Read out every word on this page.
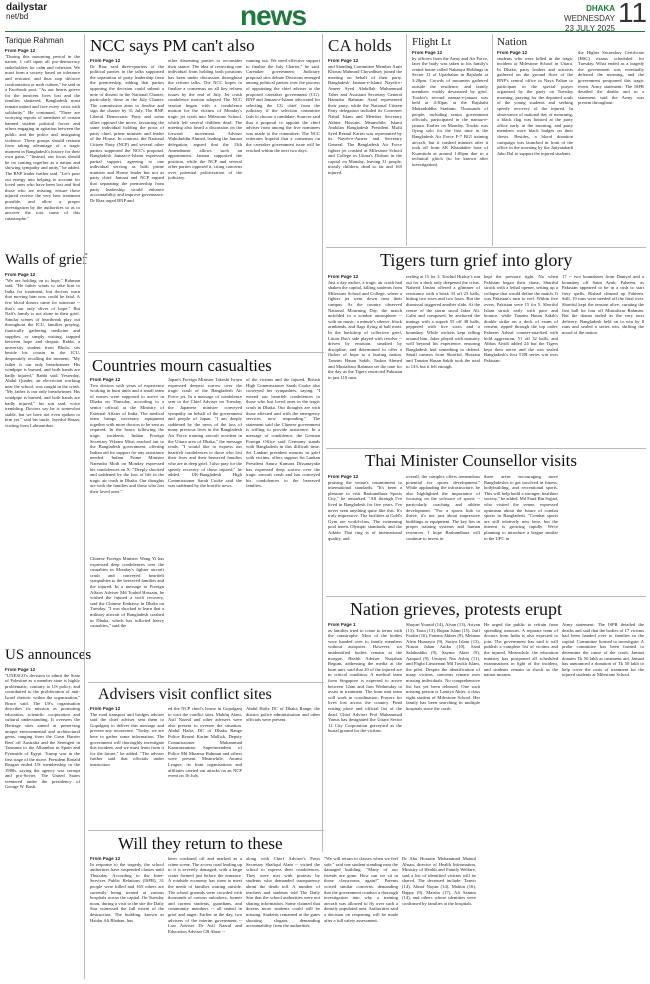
dailystar
net/bd	news	DHAKA WEDNESDAY
23 JULY 2025
11
Tarique Rahman
From Page 12

"During this mourning period in the nation, I call upon all pro-democracy stakeholders for calm and cohesion. We must form a society based on tolerance and restraint, and thus stop divisive confrontation or mob culture," he said in a Facebook post. "As our hearts grieve for the innocent lives lost and the families shattered, Bangladesh must remain united and face every crisis with solidarity." He continued, "There are worrying reports of members of certain banned student political forces and others engaging in agitation between the public and the police and instigating violence. These groups should restrain from taking advantage of a tragic moment in Bangladesh's history for their own gains." "Instead, our focus should be on coming together as a nation and showing sympathy and unity," he added. The BNP leader further said, "Let's pour our energy into helping to account for loved ones who have been lost and find those who are missing, ensure those injured receive the very best treatment possible, and allow a proper investigation by the authorities so as to uncover the root cause of this catastrophe."

Walls of grief
From Page 12

"We are holding on to hope," Rahman said. "He father wants to take him to India for treatment, but doctors warn that moving him now could be fatal. A few blood donors came for someone -- that's our only sliver of hope." But Nafi's family is not alone in their grief. Similar scenes of heartbreak play out throughout the ICU, families praying, frantically gathering medicine and supplies, or simply waiting, trapped between hope and despair. Rabbi, a university student from Bhola, sits beside his cousin in the ICU, desperately recalling the moment, "My father is our only breadwinner. His windpipe is burned, and both hands are badly injured," Rabbi said. Yesterday, Abdul Quader, an electrician working near the school, was caught in the crash. "My father is our only breadwinner. His windpipe is burned, and both hands are badly injured," his son said, voice trembling. Doctors say he is somewhat stable, but we have not even spoken to him yet." said his uncle, Jayedul Hasan, visiting from Lalmonirhat.

US announces
From Page 12

"UNESCO's decision to admit the State of Palestine as a member state is highly problematic, contrary to US policy, and contributed to the proliferation of anti-Israel rhetoric within the organization," Bruce said. The US's organisation describes its mission as promoting education, scientific cooperation and cultural understanding. It oversees the Heritage sites aimed at preserving unique environmental and architectural gems, ranging from the Great Barrier Reef off Australia and the Serengeti in Tanzania to the Alhambra in Spain and Pyramids of Egypt. Trump was in the first stage of the move. President Ronald Reagan ended US membership in the 1980s, saying the agency was corrupt and pro-Soviet. The United States reentered under the presidency of George W. Bush.

NCC says PM can't also
From Page 12

Dr Riaz said three-quarters of the political parties in the talks supported the separation of party leadership from the premiership, adding that parties opposing the decision could submit a note of dissent in the National Charter, particularly those in the July Charter. The commission aims to finalise and sign the charter by 31 July. The BNP, Liberal Democratic Party and some allies opposed the move, favouring the same individual holding the posts of party chief, prime minister and leader of the House. In contrast, the National Citizen Party (NCP) and several other parties supported the NCC's proposal. Bangladesh Jamaat-e-Islami expressed partial support, agreeing to one individual serving as both prime minister and House leader but not as party chief. Jamaat and NCP argued that separating the premiership from party leadership would enhance accountability and improve governance. Dr Riaz urged BNP and

other dissenting parties to reconsider their stance. The idea of restricting one individual from holding both positions has been under discussion throughout the reform talks. The NCC hopes to finalise a consensus on all key reform issues by the end of July. Jet crash condolence motion adopted The NCC session began with a condolence motion for the victims of Monday's tragic jet crash into Milestone School, which left several children dead. The meeting also heard a discussion on the forward movement. Adviser Wahiduddin Ahmed, leading the Jamaat delegation, argued that the 13th Amendment allows such an appointment. Jamaat supported the position, while the NCP and several other parties opposed it, citing concerns over potential politicisation of the judiciary.

running out. We need effective support to finalise the July Charter," he said. Caretaker government: Judiciary proposal stirs debate Divisions emerged among political parties over the process of appointing the chief adviser to the proposed caretaker government (CG). BNP and Jamaat-e-Islami advocated for selecting the CG chief from the judiciary if the selection committee fails to choose a candidate. Sources said that a proposal to appoint the chief adviser from among the five nominees was made to the committee. The NCC reiterates hopeful that a consensus on the caretaker government issue will be reached within the next two days.

Countries mourn casualties
From Page 12

Two doctors with years of experience working in burn units and a small team of nurses were supposed to arrive in Dhaka on Thursday, according to a senior official at the Ministry of External Affairs of India. The medical team brings necessary equipment together with more doctors to be sent as required. In the hours following the tragic incidents, Indian Foreign Secretary Vikram Misri reached out to the Bangladesh government, offering Indian aid for support for any assistance needed. Indian Prime Minister Narendra Modi on Monday expressed his condolences on X: "Deeply shocked and saddened by the loss of life in the tragic air crash in Dhaka. Our thoughts are with the families and those who lost their loved ones."

Japan's Foreign Minister Takeshi Iwaya expressed deepest sorrow over the tragic crash of the Bangladesh Air Force jet. In a message of condolence sent to the Chief Adviser on Tuesday, the Japanese minister conveyed sympathy on behalf of the government and people of Japan. "I am deeply saddened by the news of the loss of many precious lives in the Bangladesh Air Force training aircraft accident in the Uttara area of Dhaka," the message reads. "I would like to express our heartfelt condolences to those who lost their lives and their bereaved families who are in deep grief. I also pray for the speedy recovery of those injured," he added. UK-Bangladesh High Commissioner Sarah Cooke said she was saddened by the horrific news.

of the victims and the injured. British High Commissioner Sarah Cooke also conveyed her sympathies, saying: "I extend our heartfelt condolences to those who lost loved ones in the tragic crash in Dhaka. Our thoughts are with those affected and with the emergency services now responding." The statement said the Chinese government is willing to provide assistance. In a message of condolence, the German Foreign Office said Germany stands with Bangladesh in this difficult time. Sri Lankan president mourns in grief with victims, offers support Sri Lankan President Anura Kumara Dissanayake has expressed deep sorrow over the tragic aircraft crash and has conveyed his condolences to the bereaved families.

Chinese Foreign Minister Wang Yi has expressed deep condolences over the casualties in Monday's fighter aircraft crash and conveyed heartfelt sympathies to the bereaved families and the injured. In a message to Foreign Affairs Adviser Md Touhid Hossain, he wished the injured a swift recovery, said the Chinese Embassy in Dhaka on Tuesday. "I was shocked to learn that a military aircraft of Bangladesh crashed in Dhaka, which has inflicted heavy casualties," said the

Advisers visit conflict sites
From Page 12

The road transport and bridges adviser said the chief adviser sent them to Gopalganj to deliver this message and prevent any recurrence. "Today, we are here to gather some information. The government will thoroughly investigate this incident, and we must learn from it for the future," he added. "The adviser further said that officials under instruction

ed the NCP chief's house in Gopalganj to visit the conflict sites. Mahfuj Alam, Asif Nazrul and other advisers were also present to oversee the situation. Abdul Hafiz, DC of Dhaka Range Police Reazul Karim Mallick, Deputy Commissioner Muhammad Kamruzzaman, Superintendent of Police Md Mizanur Rahman and others were present. Meanwhile, Awami League, its front organisations and affiliates carried out attacks on an NCP event on 16 July.

Abdul Hafiz DC of Dhaka Range, the district police administration and other officials were present.

Will they return to these
From Page 12

In response to the tragedy, the school authorities have suspended classes until Thursday. According to the Inter-Services Public Relations (ISPR), 31 people were killed and 165 others are currently being treated at various hospitals across the capital. On Tuesday noon, during a visit to the site the Daily Star witnessed the full extent of the destruction. The building, known as Haidar Ali Bhaban, has

been cordoned off and marked as a crime scene. The access road leading up to it is severely damaged, with a large crater formed just before the entrance. A roadside economy has risen to meet the needs of families waiting outside. The school grounds were crowded with thousands of curious onlookers, former and current students, guardians, and community members -- all united in grief and anger. Earlier in the day, two advisers of the interim government -- Law Adviser Dr Asif Nazrul and Education Adviser CR Abrar --

along with Chief Adviser's Press Secretary Shafiqul Alam -- visited the school to express their condolences. They were met with protests by students who demanded transparency about the death toll. A number of teachers and students told The Daily Star that the school authorities were not sharing information. Some claimed that dozens more students could still be missing. Students remained at the gates shouting slogans demanding accountability from the authorities.

"We will return to classes when we feel safe," said one student standing near the damaged building. "Many of our friends are gone. How can we sit in those classrooms again?" Parents voiced similar concerns, demanding that the government conduct a thorough investigation into why a training aircraft was allowed to fly over such a densely populated area. Authorities said a decision on reopening will be made after a full safety assessment.

Dr Abu Hossain Mohammad Mainul Ahsan, director of Health Information, Ministry of Health and Family Welfare, said a list of identified victims will be shared. The deceased include: Tanvir (14), Ahnaf Nayan (14), Mahtin (16), Bappy (9), Maisha (17), Afi Samim (14), and others whose identities were confirmed by families at the hospitals.

CA holds
From Page 12

and Standing Committee Member Amir Khosru Mahmud Chowdhury joined the meeting on behalf of their party. Bangladesh Jamaat-e-Islami Nayeb-e-Ameer Syed Abdullah Muhammad Taher and Assistant Secretary General Hamidur Rahman Azad represented their party, while the National Citizen Party delegation included its Convener Nahid Islam and Member Secretary Akhter Hossain. Meanwhile, Islami Andolan Bangladesh President Mufti Syed Rezaul Karim was represented by its Nayeb-e-Ameer and Secretary General. The Bangladesh Air Force fighter jet crashed at Milestone School and College in Uttara's Diabari in the capital on Monday, leaving 31 people, mostly children, dead so far and 165 injured.

Flight Lt
From Page 12

by officers from the Army and Air Force, later the body was taken to his family's rented house called Nabanya Holdings in Sector 11 of Uparbahar in Rajshahi at 3:20pm. Crowds of mourners gathered outside the residence, and family members visibly devastated by grief. Towkir's second namaz-e-janaza was held at 4:30pm at the Rajshahi Muktadiddha Stadium. Thousands of people, including senior government officials, participated in the namaz-e-janaza. Earlier on Monday, Towkir was flying solo for the first time in the Bangladesh Air Force F-7 BGI training aircraft, but it crashed minutes after it took off from AK Khandaker base of Kurmitola at around 1:06pm due to a technical glitch (to be known after investigation).

Nation
From Page 12

students who were killed in the tragic incident at Milestone School in Uttara. In Dhaka, party leaders and activists gathered on the ground floor of the BNP's central office in Naya Paltan to participate in the special prayer organised by the party on Tuesday morning, praying for the departed souls of the young students and seeking speedy recovery of the injured. In observance of national day of mourning, a black flag was hoisted at the party office early in the morning, and party members wore black badges on their chests. Besides, a blood donation campaign was launched in front of the office in the morning by the Jatiyatabadi Jubo Dal to support the injured students.

the Higher Secondary Certificate (HSC) exams scheduled for Tuesday. What ended as a tragedy the government was eventually deferred the morning, and the government postponed this tragic event. Army statement: The ISPR detailed the deaths and in a statement said the Army was present throughout.

Tigers turn grief into glory
From Page 12

Just a day earlier, a tragic air crash had shaken the capital, killing students from Milestone School and College, where a fighter jet went down near their campus. As the country observed National Mourning Day, the match unfolded in a sombre atmosphere -- with no music, a minute's silence, black armbands, and flags flying at half mast. In the backdrop of collective grief, Litton Das's side played with resolve -- driven by emotion, steadied by discipline, and determined to offer a flicker of hope to a hurting nation. Tanzim Hasan Sakib, Taskin Ahmed and Mustafizur Rahman set the tone for the day as the Tigers restricted Pakistan to just 110 runs.

reeling at 15 for 3. Towhid Hridoy's run out for a duck only deepened the crisis. Naheed Umam offered a glimmer of resistance with a brisk 33 off 23 balls, hitting two sixes and two fours. But the dismissal triggered another slide. At the centre of the storm stood Jaker Ali. Calm and composed, he anchored the innings with a superb 55 off 48 balls, peppered with five sixes and a boundary. While wickets kept falling around him, Jaker played with maturity well beyond his experience, ensuring Bangladesh had something to defend. Small cameos from Shoriful, Hossain and Tanzim Hasan Sakib took the total to 133, but it felt enough.

kept the pressure tight. No when Pakistan began their chase, Shariful struck with a lethal opener, setting up a collapse that would define the match. It was Pakistan's turn to reel. Within five overs, Pakistan were 15 for 5. Shoriful Islam struck early with pace and bounce, while Tanzim Hasan Sakib's double strike on a deck of exam of cement, ripped through the top order. Faheem Ashraf counter-attacked with bold aggression, 51 off 32 balls, and Abbas Afridi added 24 but the Tigers kept their nerve and the win sealed Bangladesh's first T20I series win over Pakistan.

17 -- two boundaries from Daniyal and a boundary off Saim Ayub. Faheem, as Pakistan appeared to be in a rush to start fiery spells, Rishad cleaned up Faheem. Still, 19 runs were needed off the final over. Shariful kept the tension alive, curating the first ball for four off Mustafizur Rahman. But the drama ended as the very next delivery. Bangladesh held on to win by 8 runs and sealed a series win, shifting the mood of the nation.

Thai Minister Counsellor visits
From Page 12

praising the venue's commitment to international standards. "It's been a pleasure to visit Bashundhara Sports City," he remarked. "All through I've lived in Bangladesh for five years. I've never seen anything quite like this. It's truly impressive. The facilities at Gold's Gym are world-class. The swimming pool meets Olympic standards, and the Aikido Thai ring is of international quality, and

overall, the complex offers tremendous potential for sports development." While applauding the infrastructure, he also highlighted the importance of focusing on the software of sports -- particularly coaching and athlete development. "For a sports hub to thrive, it's not just about impressive buildings or equipment. The key lies in proper training systems and human resources. I hope Bashundhara will continue to invest in

these areas encouraging more Bangladeshis to get involved in fitness, bodybuilding, and recreational sports. This will help build a stronger, healthier society," he added. Md Faud Bin Sajjad, who visited the venue, expressed optimism about the future of combat sports in Bangladesh. "Combat sports are still relatively new here, but the interest is growing rapidly. We're planning to introduce a league similar to the UFC in

Nation grieves, protests erupt
From Page 1

as families tried to come to terms with the catastrophe. Most of the bodies were handed over to family members without autopsies. However, six unidentified bodies remain at the morgue. Health Adviser Nurjahan Begum, addressing the media at the burn unit, said that 20 of the injured are in critical condition. A medical team from Singapore is expected to arrive between 12am and 1am Wednesday to assist in treatment. The burn unit team will work in coordination. Prayers for lives lost across the country. Final resting place and official list of the dead. Chief Adviser Prof Muhammad Yunus has designated the Uttara Sector 12 City Corporation graveyard as the burial ground for the victims.

Shayan Younid (14), Afsan (13), Ariyan (13), Tasin (13), Rupan Islam (15), Jarif Fardin (16), Fatema Akhter (9), Mehnaz Afrin Humayra (9), Sariya Islam (13), Nusrat Jahan Anika (10), Saad Salahuddin (9), Sayma Akter (9), Aaiquid (9), Umayer Nur Ashiq (11), and Flight Lieutenant Md Towkir Islam, the pilot. Despite the identification of many victims, concerns remain over missing individuals. No comprehensive list has yet been released. One such missing person is Lamiya Akter, a class eight student of Milestone School. Her family has been searching in multiple hospitals since the crash.

He urged the public to refrain from spreading rumours. A separate team of doctors from India is also expected to join. The government has said it will publish a complete list of victims and the injured. Meanwhile, the education ministry has postponed all scheduled examinations in light of the incident, and students remain in shock as the nation mourns.

Army statement: The ISPR detailed the deaths and said that the bodies of 17 victims had been handed over to families in the capital. Committee formed to investigate: A probe committee has been formed to determine the cause of the crash. Jamaat donates Tk 50 lakh as treatment aid. Jamaat has announced a donation of Tk 50 lakh to help cover the costs of treatment for the injured students at Milestone School.
